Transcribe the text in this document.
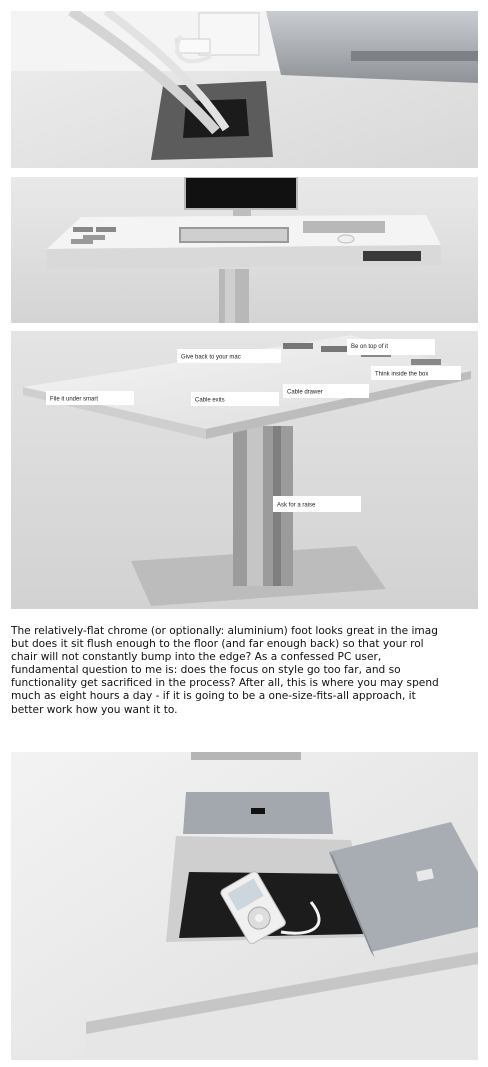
Give back to your mac
Be on top of it
Think inside the box
File it under smart	Cable exits
Cable drawer
Ask for a raise
The relatively-flat chrome (or optionally: aluminium) foot looks great in the imag
but does it sit flush enough to the floor (and far enough back) so that your rol
chair will not constantly bump into the edge? As a confessed PC user,
fundamental question to me is: does the focus on style go too far, and so
functionality get sacrificed in the process? After all, this is where you may spend
much as eight hours a day - if it is going to be a one-size-fits-all approach, it
better work how you want it to.
